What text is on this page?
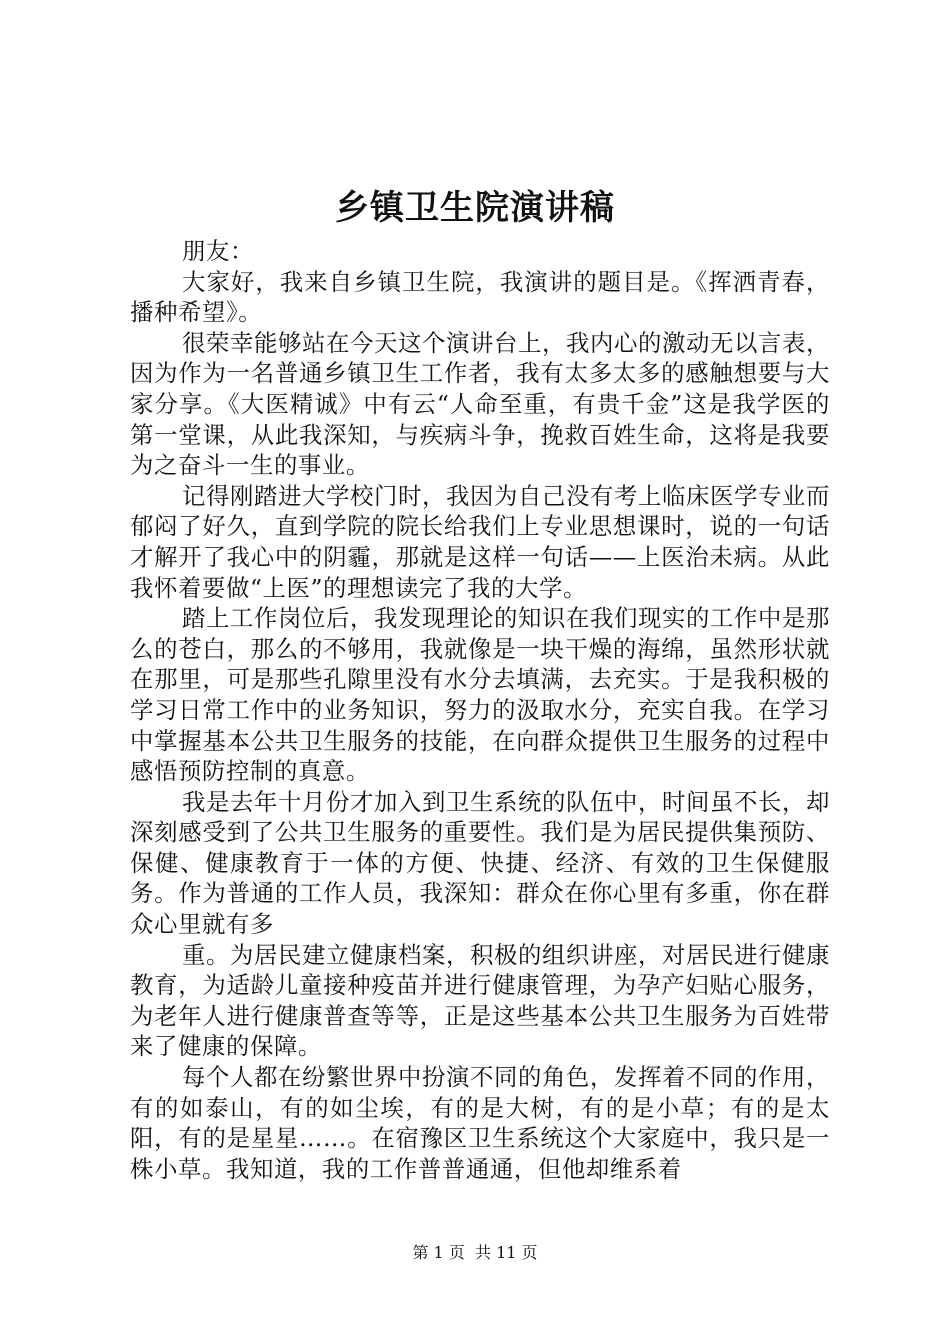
乡镇卫生院演讲稿

朋友：

大家好，我来自乡镇卫生院，我演讲的题目是。《挥洒青春，播种希望》。

很荣幸能够站在今天这个演讲台上，我内心的激动无以言表，因为作为一名普通乡镇卫生工作者，我有太多太多的感触想要与大家分享。《大医精诚》中有云“人命至重，有贵千金”这是我学医的第一堂课，从此我深知，与疾病斗争，挽救百姓生命，这将是我要为之奋斗一生的事业。

记得刚踏进大学校门时，我因为自己没有考上临床医学专业而郁闷了好久，直到学院的院长给我们上专业思想课时，说的一句话才解开了我心中的阴霾，那就是这样一句话——上医治未病。从此我怀着要做“上医”的理想读完了我的大学。

踏上工作岗位后，我发现理论的知识在我们现实的工作中是那么的苍白，那么的不够用，我就像是一块干燥的海绵，虽然形状就在那里，可是那些孔隙里没有水分去填满，去充实。于是我积极的学习日常工作中的业务知识，努力的汲取水分，充实自我。在学习中掌握基本公共卫生服务的技能，在向群众提供卫生服务的过程中感悟预防控制的真意。

我是去年十月份才加入到卫生系统的队伍中，时间虽不长，却深刻感受到了公共卫生服务的重要性。我们是为居民提供集预防、保健、健康教育于一体的方便、快捷、经济、有效的卫生保健服务。作为普通的工作人员，我深知：群众在你心里有多重，你在群众心里就有多

重。为居民建立健康档案，积极的组织讲座，对居民进行健康教育，为适龄儿童接种疫苗并进行健康管理，为孕产妇贴心服务，为老年人进行健康普查等等，正是这些基本公共卫生服务为百姓带来了健康的保障。

每个人都在纷繁世界中扮演不同的角色，发挥着不同的作用，有的如泰山，有的如尘埃，有的是大树，有的是小草；有的是太阳，有的是星星……。在宿豫区卫生系统这个大家庭中，我只是一株小草。我知道，我的工作普普通通，但他却维系着

第 1 页  共 11 页
